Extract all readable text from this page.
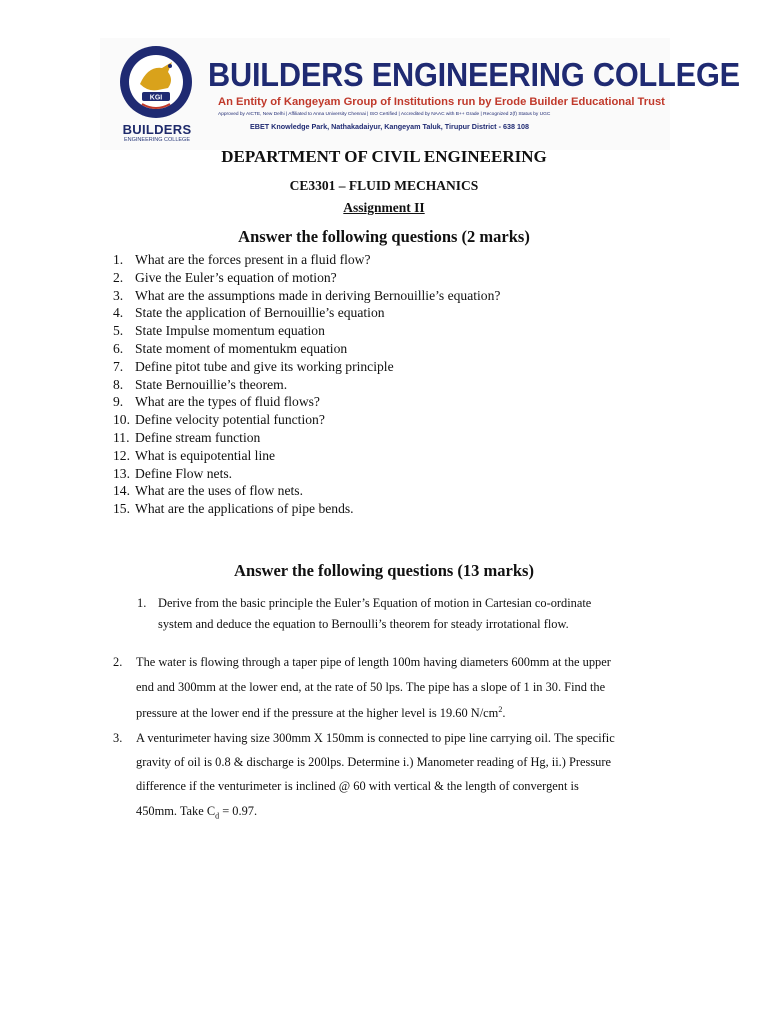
KGI
BUILDERS
ENGINEERING COLLEGE
BUILDERS ENGINEERING COLLEGE
An Entity of Kangeyam Group of Institutions run by Erode Builder Educational Trust
Approved by AICTE, New Delhi | Affiliated to Anna University Chennai | ISO Certified | Accredited by NAAC with B++ Grade | Recognized 2(f) Status by UGC
EBET Knowledge Park, Nathakadaiyur, Kangeyam Taluk, Tirupur District - 638 108
DEPARTMENT OF CIVIL ENGINEERING
CE3301 – FLUID MECHANICS
Assignment II
Answer the following questions (2 marks)
1. What are the forces present in a fluid flow?
2. Give the Euler’s equation of motion?
3. What are the assumptions made in deriving Bernouillie’s equation?
4. State the application of Bernouillie’s equation
5. State Impulse momentum equation
6. State moment of momentukm equation
7. Define pitot tube and give its working principle
8. State Bernouillie’s theorem.
9. What are the types of fluid flows?
10. Define velocity potential function?
11. Define stream function
12. What is equipotential line
13. Define Flow nets.
14. What are the uses of flow nets.
15. What are the applications of pipe bends.
Answer the following questions (13 marks)
1. Derive from the basic principle the Euler’s Equation of motion in Cartesian co-ordinate
system and deduce the equation to Bernoulli’s theorem for steady irrotational flow.
2. The water is flowing through a taper pipe of length 100m having diameters 600mm at the upper
end and 300mm at the lower end, at the rate of 50 lps. The pipe has a slope of 1 in 30. Find the
pressure at the lower end if the pressure at the higher level is 19.60 $N/cm^2$.
3. A venturimeter having size 300mm X 150mm is connected to pipe line carrying oil. The specific
gravity of oil is 0.8 & discharge is 200lps. Determine i.) Manometer reading of Hg, ii.) Pressure
difference if the venturimeter is inclined @ 60 with vertical & the length of convergent is
450mm. Take $C_d = 0.97$.
